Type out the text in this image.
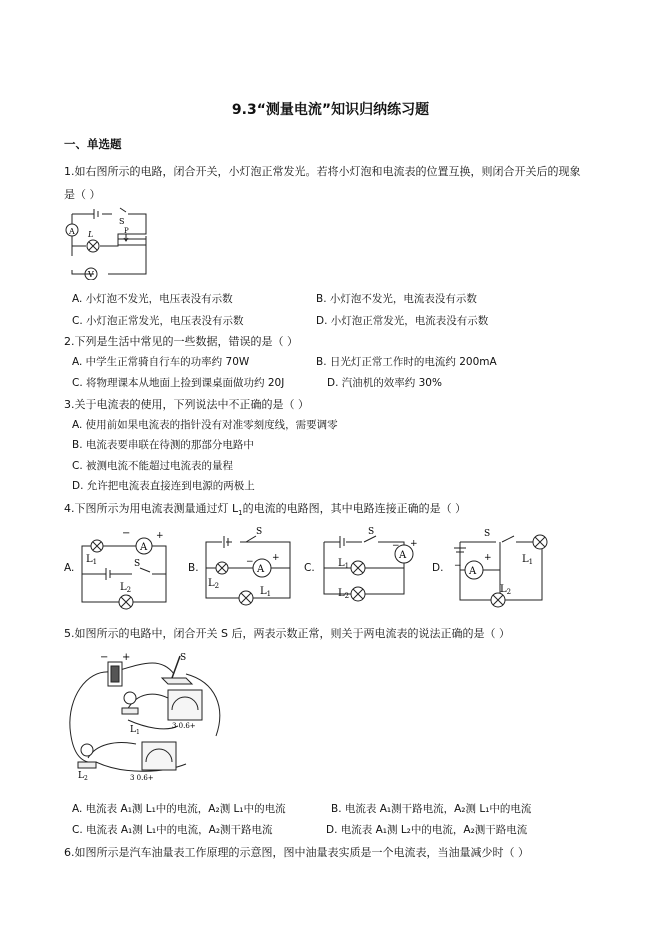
9.3“测量电流”知识归纳练习题
一、单选题
1.如右图所示的电路，闭合开关，小灯泡正常发光。若将小灯泡和电流表的位置互换，则闭合开关后的现象
是（ ）
A L
S
P
V
A. 小灯泡不发光，电压表没有示数	B. 小灯泡不发光，电流表没有示数
C. 小灯泡正常发光，电压表没有示数	D. 小灯泡正常发光，电流表没有示数
2.下列是生活中常见的一些数据，错误的是（ ）
A. 中学生正常骑自行车的功率约 70W	B. 日光灯正常工作时的电流约 200mA
C. 将物理课本从地面上捡到课桌面做功约 20J	D. 汽油机的效率约 30%
3.关于电流表的使用，下列说法中不正确的是（ ）
A. 使用前如果电流表的指针没有对准零刻度线，需要调零
B. 电流表要串联在待测的那部分电路中
C. 被测电流不能超过电流表的量程
D. 允许把电流表直接连到电源的两极上
4.下图所示为用电流表测量通过灯 $L_1$的电流的电路图，其中电路连接正确的是（ ）
A.
A
−	+
$L_1$	S
$L_2$
B.
S
A
− +
$L_2$	$L_1$
C.
S
A
− +
$L_1$
$L_2$
D.
S
A
−
+	$L_1$
$L_2$
5.如图所示的电路中，闭合开关 S 后，两表示数正常，则关于两电流表的说法正确的是（ ）
− +	S
$L_1$
3 0.6+
$L_2$	3 0.6+
A. 电流表 A₁测 L₁中的电流，A₂测 L₁中的电流	B. 电流表 A₁测干路电流，A₂测 L₁中的电流
C. 电流表 A₁测 L₁中的电流，A₂测干路电流	D. 电流表 A₁测 L₂中的电流，A₂测干路电流
6.如图所示是汽车油量表工作原理的示意图，图中油量表实质是一个电流表，当油量减少时（ ）
